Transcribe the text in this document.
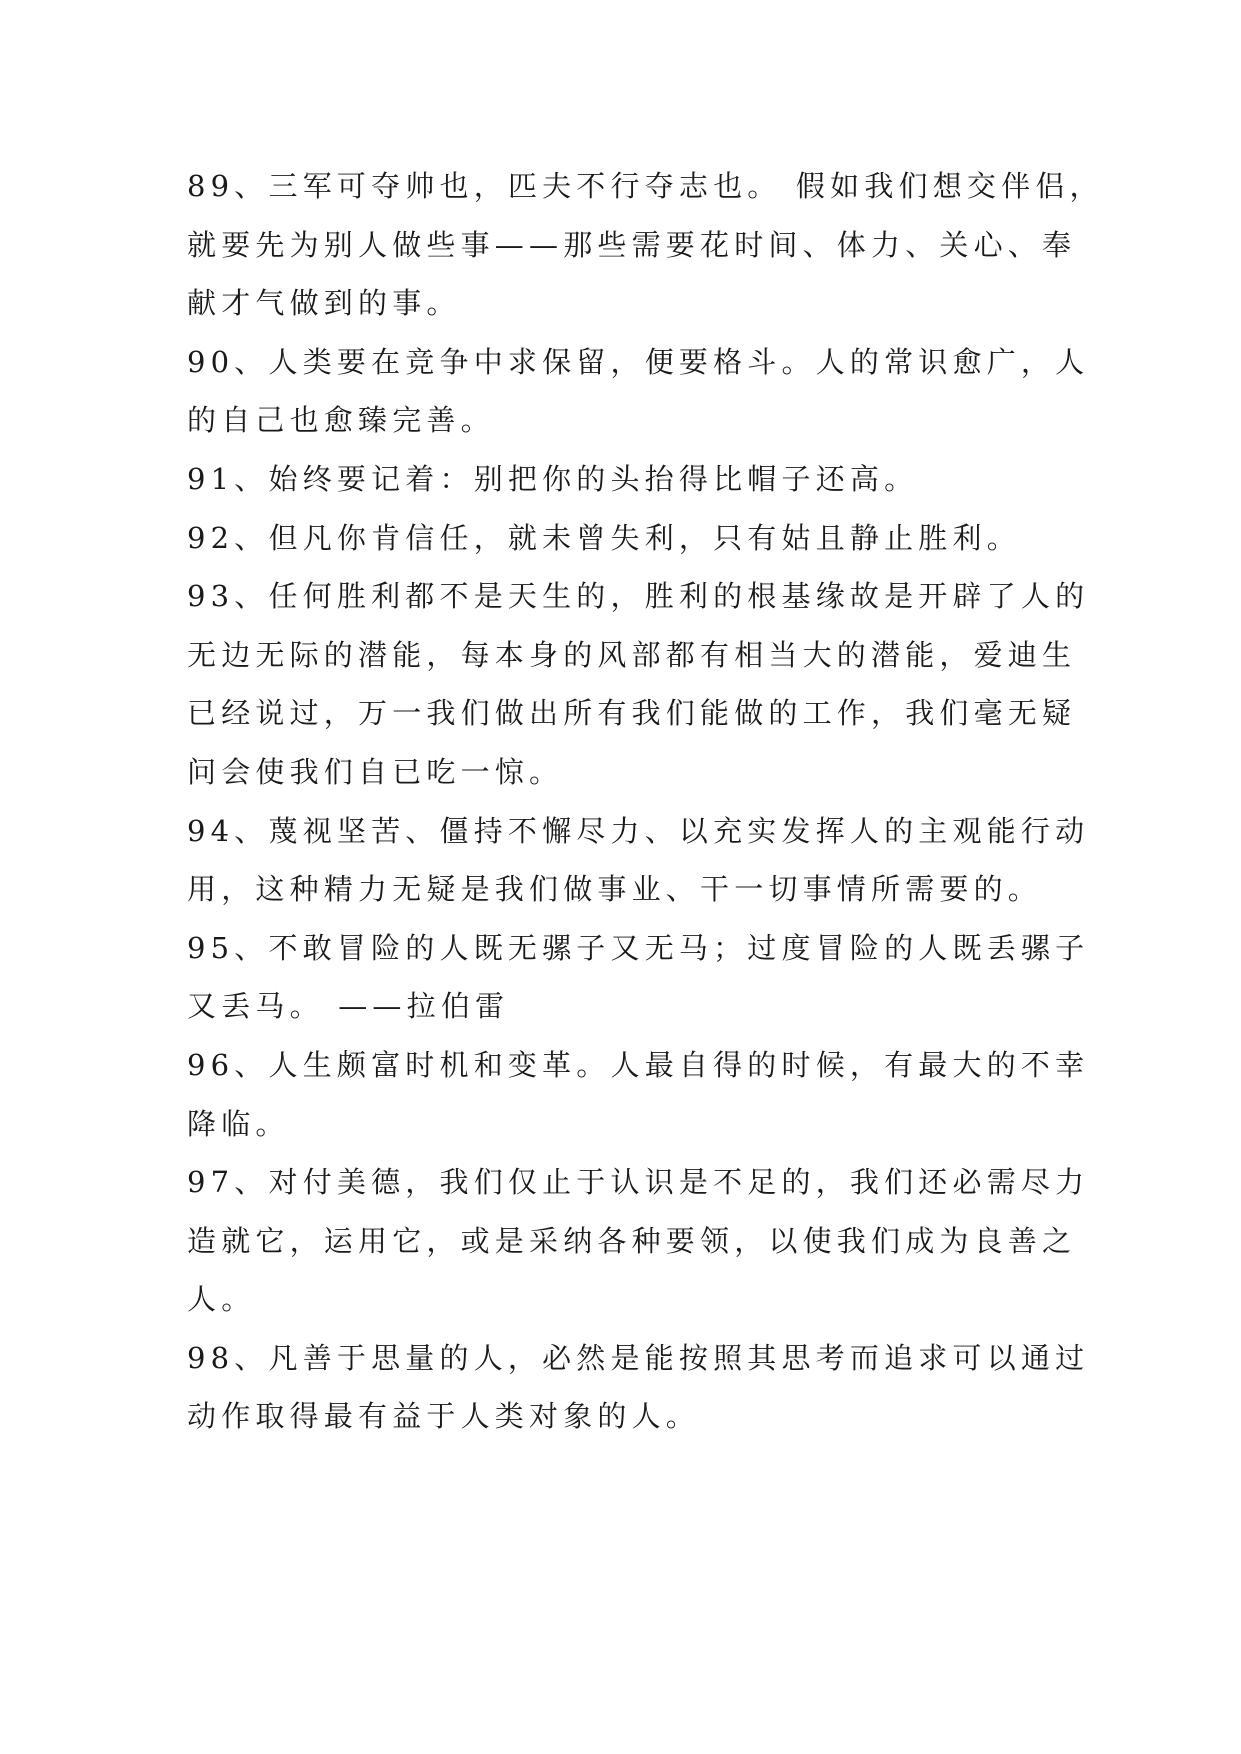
89、三军可夺帅也，匹夫不行夺志也。 假如我们想交伴侣，
就要先为别人做些事——那些需要花时间、体力、关心、奉
献才气做到的事。
90、人类要在竞争中求保留，便要格斗。人的常识愈广，人
的自己也愈臻完善。
91、始终要记着：别把你的头抬得比帽子还高。
92、但凡你肯信任，就未曾失利，只有姑且静止胜利。
93、任何胜利都不是天生的，胜利的根基缘故是开辟了人的
无边无际的潜能，每本身的风部都有相当大的潜能，爱迪生
已经说过，万一我们做出所有我们能做的工作，我们毫无疑
问会使我们自已吃一惊。
94、蔑视坚苦、僵持不懈尽力、以充实发挥人的主观能行动
用，这种精力无疑是我们做事业、干一切事情所需要的。
95、不敢冒险的人既无骡子又无马；过度冒险的人既丢骡子
又丢马。 ——拉伯雷
96、人生颇富时机和变革。人最自得的时候，有最大的不幸
降临。
97、对付美德，我们仅止于认识是不足的，我们还必需尽力
造就它，运用它，或是采纳各种要领，以使我们成为良善之
人。
98、凡善于思量的人，必然是能按照其思考而追求可以通过
动作取得最有益于人类对象的人。
